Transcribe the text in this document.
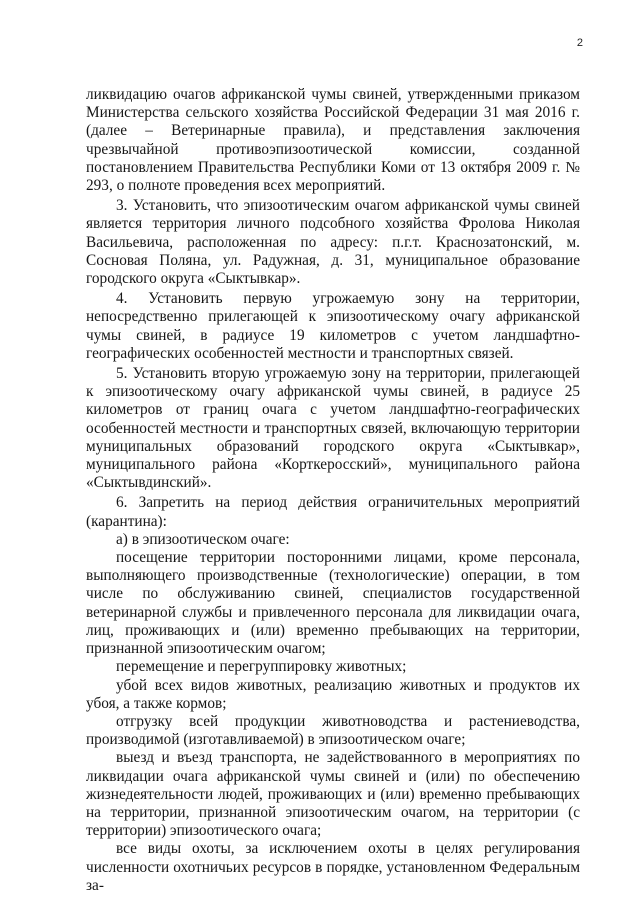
2

ликвидацию очагов африканской чумы свиней, утвержденными приказом Министерства сельского хозяйства Российской Федерации 31 мая 2016 г. (далее – Ветеринарные правила), и представления заключения чрезвычайной противоэпизоотической комиссии, созданной постановлением Правительства Республики Коми от 13 октября 2009 г. № 293, о полноте проведения всех мероприятий.

3. Установить, что эпизоотическим очагом африканской чумы свиней является территория личного подсобного хозяйства Фролова Николая Васильевича, расположенная по адресу: п.г.т. Краснозатонский, м. Сосновая Поляна, ул. Радужная, д. 31, муниципальное образование городского округа «Сыктывкар».

4. Установить первую угрожаемую зону на территории, непосредственно прилегающей к эпизоотическому очагу африканской чумы свиней, в радиусе 19 километров с учетом ландшафтно-географических особенностей местности и транспортных связей.

5. Установить вторую угрожаемую зону на территории, прилегающей к эпизоотическому очагу африканской чумы свиней, в радиусе 25 километров от границ очага с учетом ландшафтно-географических особенностей местности и транспортных связей, включающую территории муниципальных образований городского округа «Сыктывкар», муниципального района «Корткеросский», муниципального района «Сыктывдинский».

6. Запретить на период действия ограничительных мероприятий (карантина):

а) в эпизоотическом очаге:

посещение территории посторонними лицами, кроме персонала, выполняющего производственные (технологические) операции, в том числе по обслуживанию свиней, специалистов государственной ветеринарной службы и привлеченного персонала для ликвидации очага, лиц, проживающих и (или) временно пребывающих на территории, признанной эпизоотическим очагом;

перемещение и перегруппировку животных;

убой всех видов животных, реализацию животных и продуктов их убоя, а также кормов;

отгрузку всей продукции животноводства и растениеводства, производимой (изготавливаемой) в эпизоотическом очаге;

выезд и въезд транспорта, не задействованного в мероприятиях по ликвидации очага африканской чумы свиней и (или) по обеспечению жизнедеятельности людей, проживающих и (или) временно пребывающих на территории, признанной эпизоотическим очагом, на территории (с территории) эпизоотического очага;

все виды охоты, за исключением охоты в целях регулирования численности охотничьих ресурсов в порядке, установленном Федеральным за-
